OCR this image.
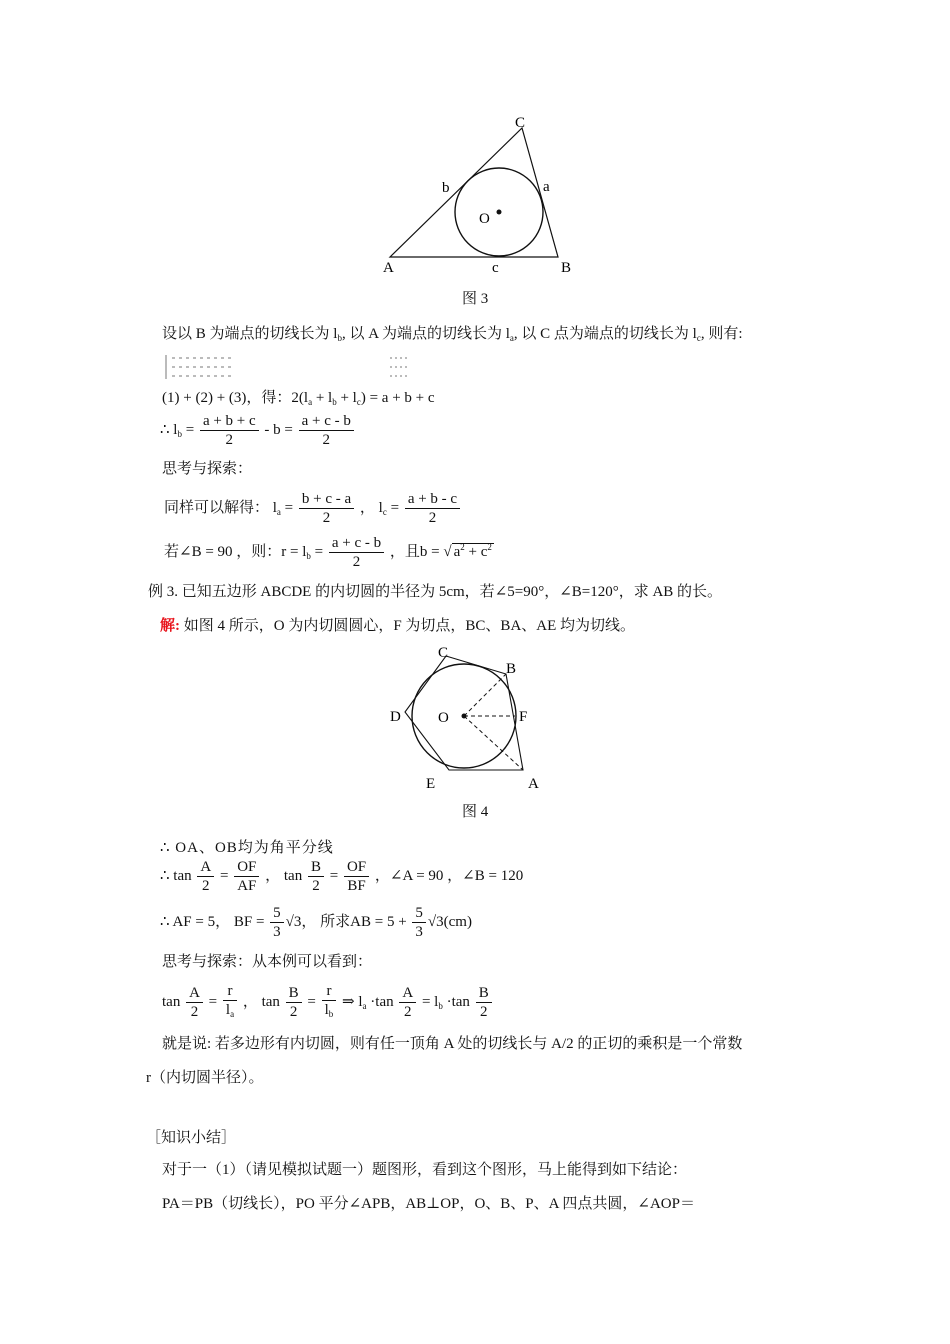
C
A	B
O
b	a
c
图 3
设以 B 为端点的切线长为 $l_b$, 以 A 为端点的切线长为 $l_a$, 以 C 点为端点的切线长为 $l_c$, 则有:
(1) + (2) + (3)，得：$2(l_a + l_b + l_c) = a + b + c$
∴ $l_b = \frac{a + b + c}{2} - b = \frac{a + c - b}{2}$
思考与探索：
同样可以解得： $l_a = \frac{b + c - a}{2}$ ， $l_c = \frac{a + b - c}{2}$
若∠B = 90 ，则：$r = l_b = \frac{a + c - b}{2}$ ，且b = √ $a^2 + c^2$
例 3. 已知五边形 ABCDE 的内切圆的半径为 5cm，若∠5=90°，∠B=120°，求 AB 的长。
解: 如图 4 所示，O 为内切圆圆心，F 为切点，BC、BA、AE 均为切线。
C
B
D O	F
E	A
图 4
∴ OA、OB均为角平分线
∴ $\tan \frac{A}{2} = \frac{OF}{AF}$ ， $\tan \frac{B}{2} = \frac{OF}{BF}$ ，∠A = 90 ，∠B = 120
∴ AF = 5， BF = $\frac{5}{3} √3$， 所求AB = $5 + \frac{5}{3} √3(cm)$
思考与探索：从本例可以看到：
$\tan \frac{A}{2} = \frac{r}{l_a}$ ， $\tan \frac{B}{2} = \frac{r}{l_b}$ ⇒ $l_a \cdot\tan \frac{A}{2} = l_b \cdot\tan \frac{B}{2}$
就是说: 若多边形有内切圆，则有任一顶角 A 处的切线长与 A/2 的正切的乘积是一个常数
r（内切圆半径）。
［知识小结］
对于一（1）（请见模拟试题一）题图形，看到这个图形，马上能得到如下结论：
PA＝PB（切线长），PO 平分∠APB，AB⊥OP，O、B、P、A 四点共圆，∠AOP＝
